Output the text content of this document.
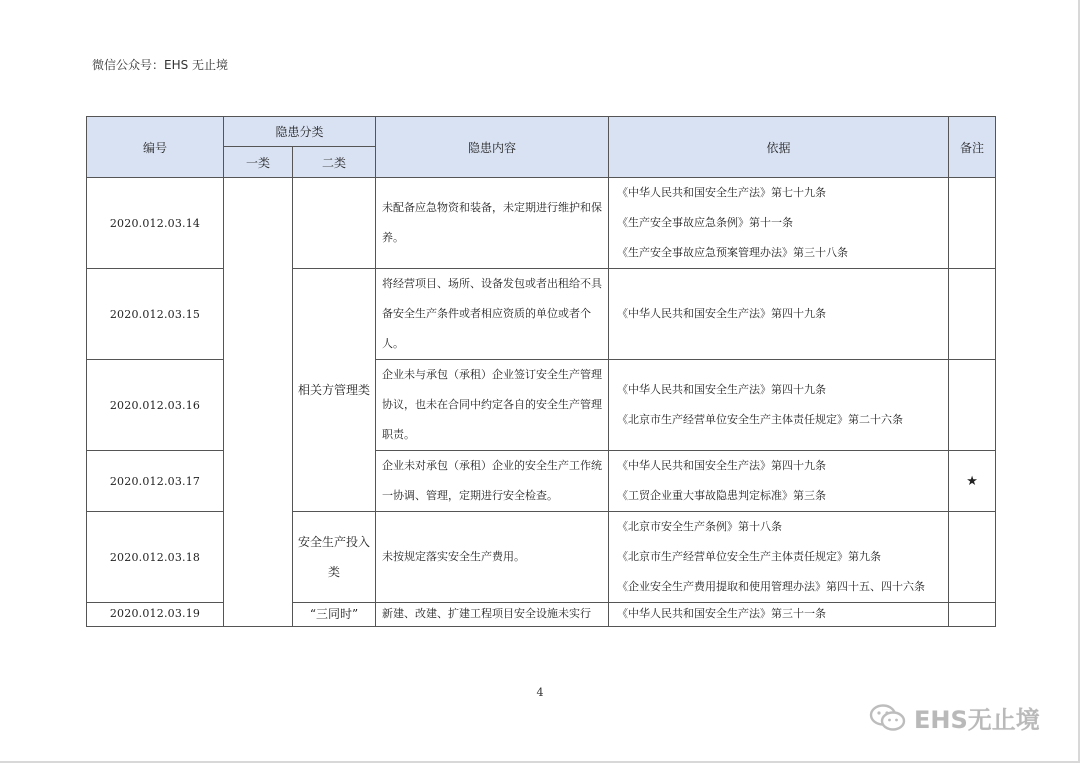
微信公众号：EHS 无止境
编号	隐患分类		隐患内容	依据	备注
	一类	二类			
2020.012.03.14			未配备应急物资和装备，未定期进行维护和保养。	《中华人民共和国安全生产法》第七十九条
《生产安全事故应急条例》第十一条
《生产安全事故应急预案管理办法》第三十八条	

2020.012.03.15		相关方管理类	将经营项目、场所、设备发包或者出租给不具备安全生产条件或者相应资质的单位或者个人。	《中华人民共和国安全生产法》第四十九条	

2020.012.03.16			企业未与承包（承租）企业签订安全生产管理协议，也未在合同中约定各自的安全生产管理职责。	《中华人民共和国安全生产法》第四十九条
《北京市生产经营单位安全生产主体责任规定》第二十六条	

2020.012.03.17			企业未对承包（承租）企业的安全生产工作统一协调、管理，定期进行安全检查。	《中华人民共和国安全生产法》第四十九条
《工贸企业重大事故隐患判定标准》第三条	★
2020.012.03.18		安全生产投入类	未按规定落实安全生产费用。	《北京市安全生产条例》第十八条
《北京市生产经营单位安全生产主体责任规定》第九条
《企业安全生产费用提取和使用管理办法》第四十五、四十六条	

2020.012.03.19		“三同时”	新建、改建、扩建工程项目安全设施未实行	《中华人民共和国安全生产法》第三十一条	

4
EHS无止境
